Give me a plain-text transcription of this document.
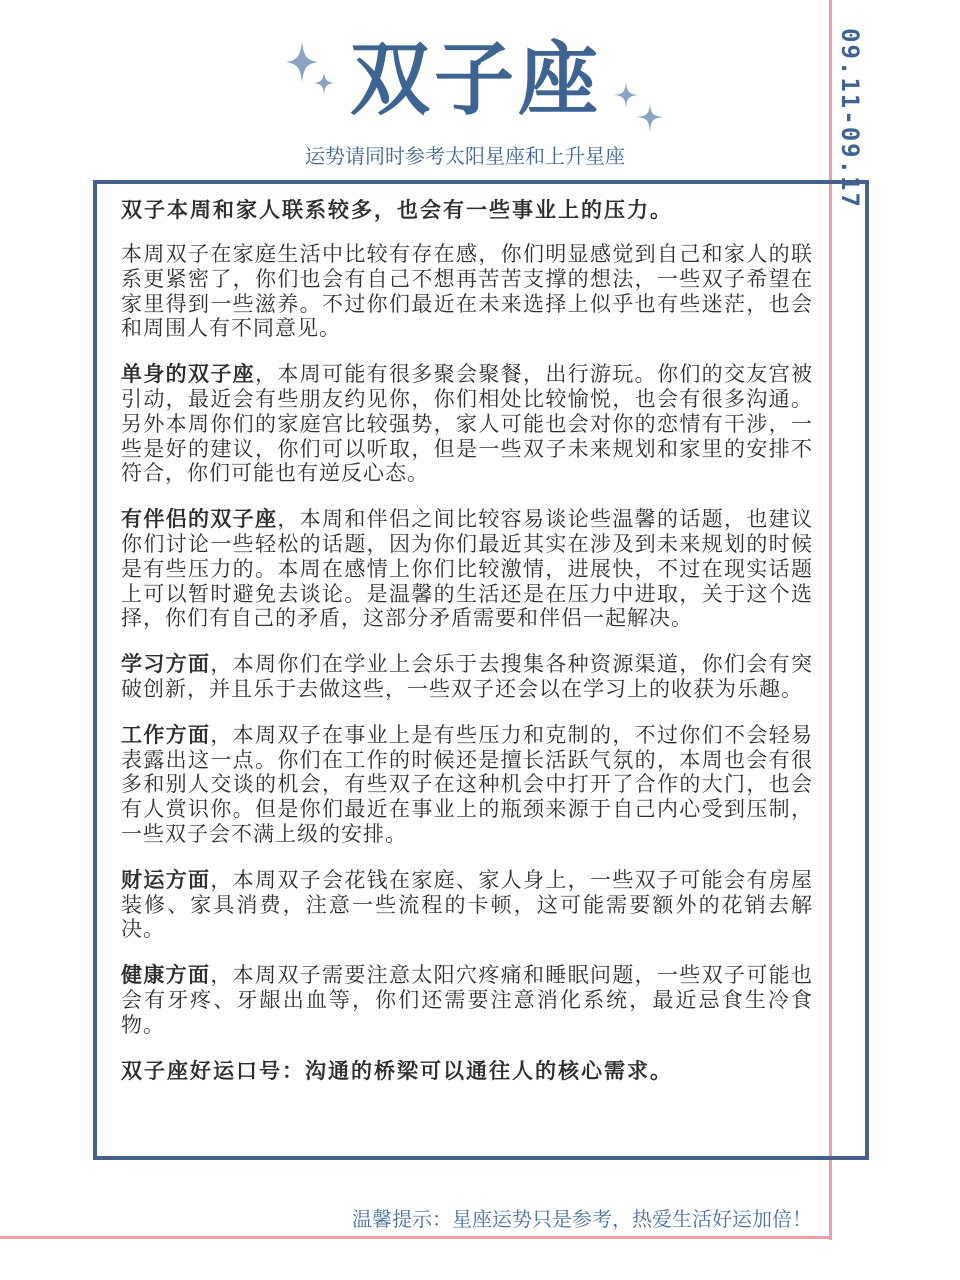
09.11-09.17
双子座
运势请同时参考太阳星座和上升星座

双子本周和家人联系较多，也会有一些事业上的压力。

本周双子在家庭生活中比较有存在感，你们明显感觉到自己和家人的联系更紧密了，你们也会有自己不想再苦苦支撑的想法，一些双子希望在家里得到一些滋养。不过你们最近在未来选择上似乎也有些迷茫，也会和周围人有不同意见。

单身的双子座，本周可能有很多聚会聚餐，出行游玩。你们的交友宫被引动，最近会有些朋友约见你，你们相处比较愉悦，也会有很多沟通。另外本周你们的家庭宫比较强势，家人可能也会对你的恋情有干涉，一些是好的建议，你们可以听取，但是一些双子未来规划和家里的安排不符合，你们可能也有逆反心态。

有伴侣的双子座，本周和伴侣之间比较容易谈论些温馨的话题，也建议你们讨论一些轻松的话题，因为你们最近其实在涉及到未来规划的时候是有些压力的。本周在感情上你们比较激情，进展快，不过在现实话题上可以暂时避免去谈论。是温馨的生活还是在压力中进取，关于这个选择，你们有自己的矛盾，这部分矛盾需要和伴侣一起解决。

学习方面，本周你们在学业上会乐于去搜集各种资源渠道，你们会有突破创新，并且乐于去做这些，一些双子还会以在学习上的收获为乐趣。

工作方面，本周双子在事业上是有些压力和克制的，不过你们不会轻易表露出这一点。你们在工作的时候还是擅长活跃气氛的，本周也会有很多和别人交谈的机会，有些双子在这种机会中打开了合作的大门，也会有人赏识你。但是你们最近在事业上的瓶颈来源于自己内心受到压制，一些双子会不满上级的安排。

财运方面，本周双子会花钱在家庭、家人身上，一些双子可能会有房屋装修、家具消费，注意一些流程的卡顿，这可能需要额外的花销去解决。

健康方面，本周双子需要注意太阳穴疼痛和睡眠问题，一些双子可能也会有牙疼、牙龈出血等，你们还需要注意消化系统，最近忌食生冷食物。

双子座好运口号：沟通的桥梁可以通往人的核心需求。

温馨提示：星座运势只是参考，热爱生活好运加倍！
